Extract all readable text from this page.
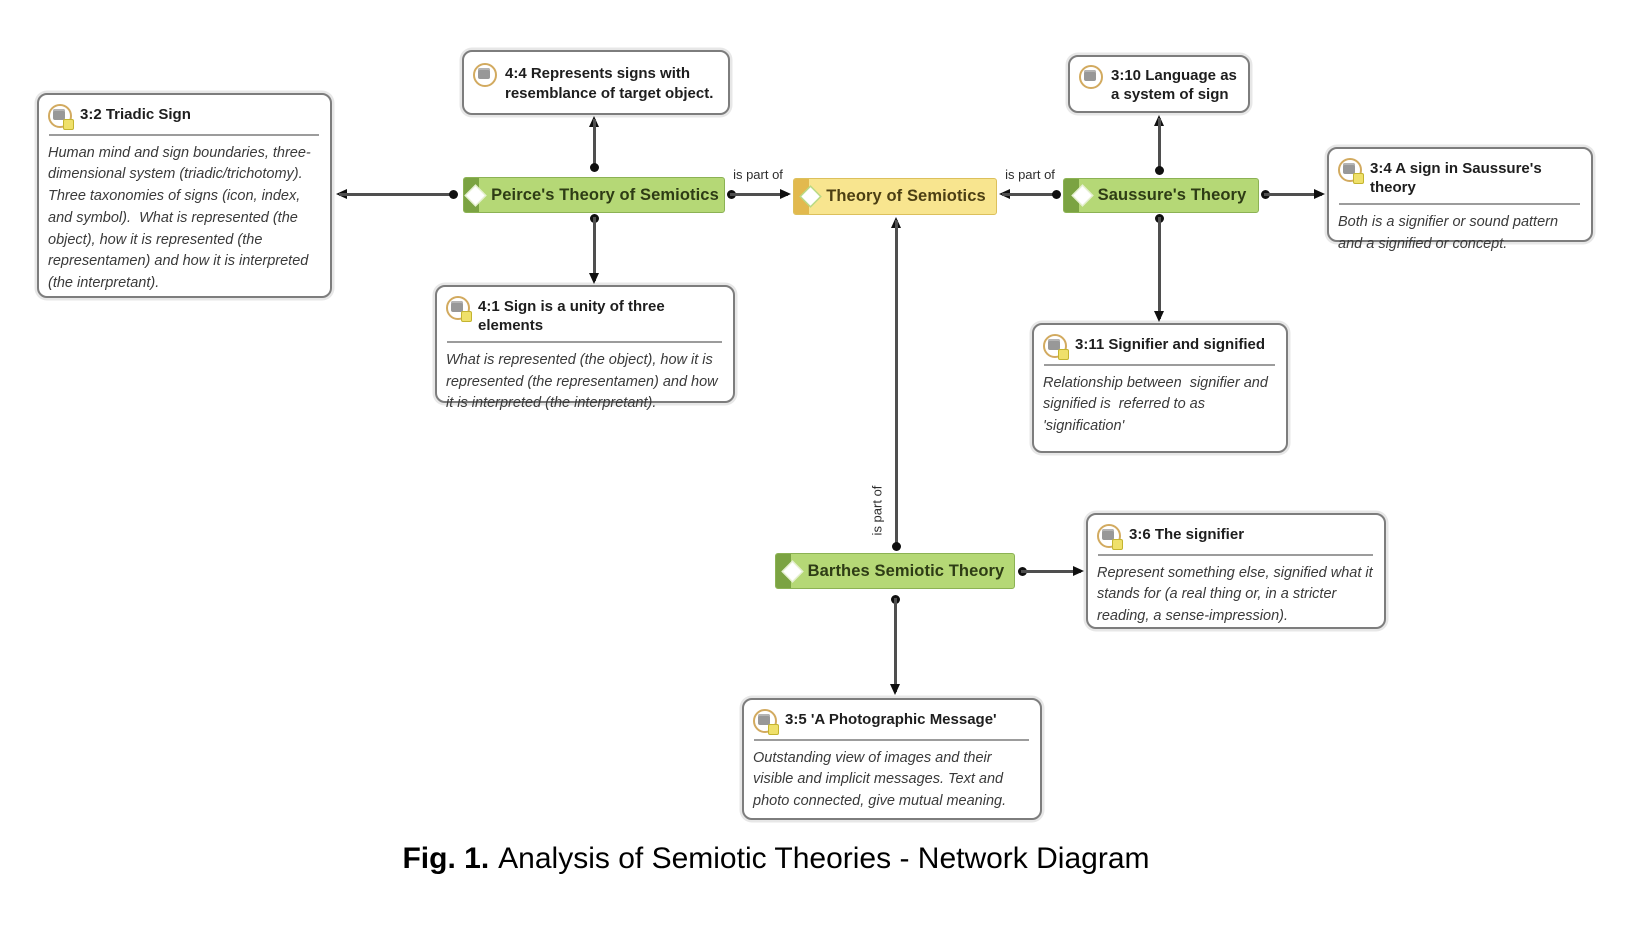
3:2 Triadic Sign
Human mind and sign boundaries, three-dimensional system (triadic/trichotomy). Three taxonomies of signs (icon, index, and symbol).  What is represented (the object), how it is represented (the representamen) and how it is interpreted (the interpretant).
4:4 Represents signs with resemblance of target object.
3:10 Language as a system of sign
3:4 A sign in Saussure's theory
Both is a signifier or sound pattern and a signified or concept.
3:11 Signifier and signified
Relationship between  signifier and signified is  referred to as 'signification'
4:1 Sign is a unity of three elements
What is represented (the object), how it is represented (the representamen) and how it is interpreted (the interpretant).
3:6 The signifier
Represent something else, signified what it stands for (a real thing or, in a stricter reading, a sense-impression).
3:5 'A Photographic Message'
Outstanding view of images and their visible and implicit messages. Text and photo connected, give mutual meaning.
Peirce's Theory of Semiotics	Theory of Semiotics	Saussure's Theory
Barthes Semiotic Theory
is part of	is part of
is part of
Fig. 1. Analysis of Semiotic Theories - Network Diagram
